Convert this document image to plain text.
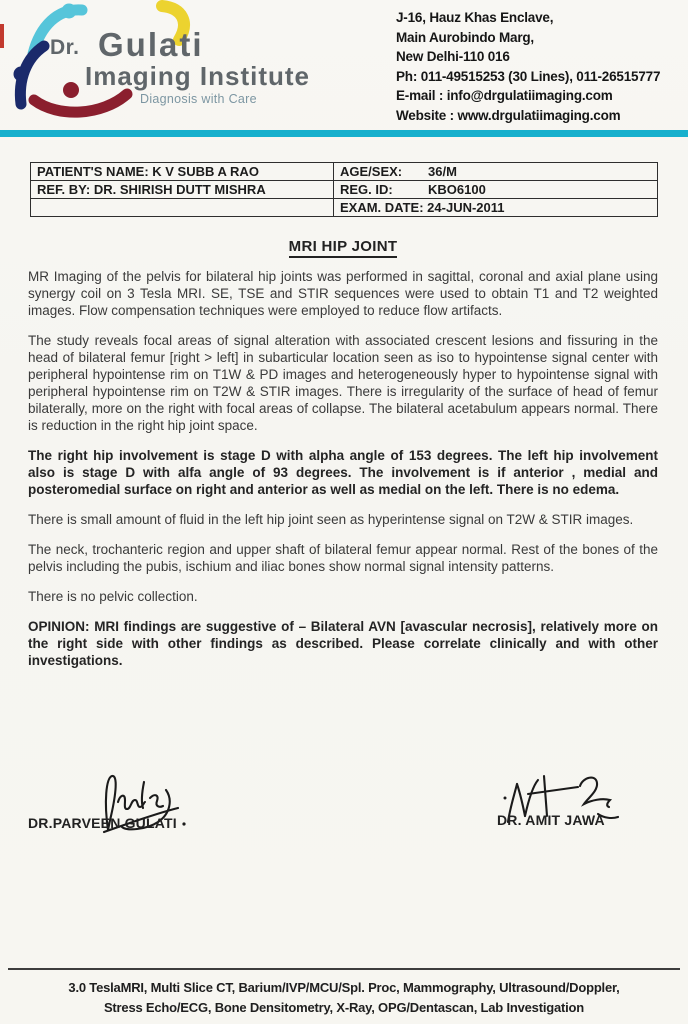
Dr. Gulati
Imaging Institute
Diagnosis with Care
J-16, Hauz Khas Enclave,
Main Aurobindo Marg,
New Delhi-110 016
Ph: 011-49515253 (30 Lines), 011-26515777
E-mail : info@drgulatiimaging.com
Website : www.drgulatiimaging.com
PATIENT'S NAME: K V SUBB A RAO	AGE/SEX: 36/M
REF. BY: DR. SHIRISH DUTT MISHRA	REG. ID: KBO6100
	EXAM. DATE: 24-JUN-2011
MRI HIP JOINT

MR Imaging of the pelvis for bilateral hip joints was performed in sagittal, coronal and axial plane using synergy coil on 3 Tesla MRI. SE, TSE and STIR sequences were used to obtain T1 and T2 weighted images. Flow compensation techniques were employed to reduce flow artifacts.

The study reveals focal areas of signal alteration with associated crescent lesions and fissuring in the head of bilateral femur [right > left] in subarticular location seen as iso to hypointense signal center with peripheral hypointense rim on T1W & PD images and heterogeneously hyper to hypointense signal with peripheral hypointense rim on T2W & STIR images. There is irregularity of the surface of head of femur bilaterally, more on the right with focal areas of collapse. The bilateral acetabulum appears normal. There is reduction in the right hip joint space.

The right hip involvement is stage D with alpha angle of 153 degrees. The left hip involvement also is stage D with alfa angle of 93 degrees. The involvement is if anterior , medial and posteromedial surface on right and anterior as well as medial on the left. There is no edema.

There is small amount of fluid in the left hip joint seen as hyperintense signal on T2W & STIR images.

The neck, trochanteric region and upper shaft of bilateral femur appear normal. Rest of the bones of the pelvis including the pubis, ischium and iliac bones show normal signal intensity patterns.

There is no pelvic collection.

OPINION: MRI findings are suggestive of – Bilateral AVN [avascular necrosis], relatively more on the right side with other findings as described. Please correlate clinically and with other investigations.

DR.PARVEEN GULATI	DR. AMIT JAWA
3.0 TeslaMRI, Multi Slice CT, Barium/IVP/MCU/Spl. Proc, Mammography, Ultrasound/Doppler,
Stress Echo/ECG, Bone Densitometry, X-Ray, OPG/Dentascan, Lab Investigation
